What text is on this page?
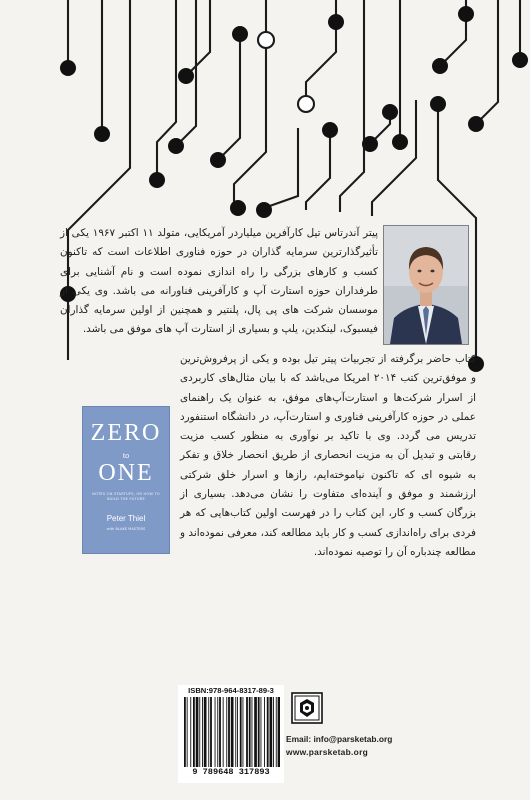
پیتر آندرتاس تیل کارآفرین میلیاردر آمریکایی، متولد ۱۱ اکتبر ۱۹۶۷ یکی از تأثیرگذارترین سرمایه گذاران در حوزه فناوری اطلاعات است که تاکنون کسب و کارهای بزرگی را راه اندازی نموده است و نام آشنایی برای طرفداران حوزه استارت آپ و کارآفرینی فناورانه می باشد. وی یکی از موسسان شرکت های پی پال، پلنتیر و همچنین از اولین سرمایه گذاران فیسبوک، لینکدین، یلپ و بسیاری از استارت آپ های موفق می باشد.
کتاب حاضر برگرفته از تجربیات پیتر تیل بوده و یکی از پرفروش‌ترین و موفق‌ترین کتب ۲۰۱۴ امریکا می‌باشد که با بیان مثال‌های کاربردی از اسرار شرکت‌ها و استارت‌آپ‌های موفق، به عنوان یک راهنمای عملی در حوزه کارآفرینی فناوری و استارت‌آپ، در دانشگاه استنفورد تدریس می گردد. وی با تاکید بر نوآوری به منظور کسب مزیت رقابتی و تبدیل آن به مزیت انحصاری از طریق انحصار خلاق و تفکر به شیوه ای که تاکنون نیاموخته‌ایم، رازها و اسرار خلق شرکتی ارزشمند و موفق و آینده‌ای متفاوت را نشان می‌دهد. بسیاری از بزرگان کسب و کار، این کتاب را در فهرست اولین کتاب‌هایی که هر فردی برای راه‌اندازی کسب و کار باید مطالعه کند، معرفی نموده‌اند و مطالعه چندباره آن را توصیه نموده‌اند.
ZERO
to
ONE
NOTES ON STARTUPS, OR HOW TO BUILD THE FUTURE
Peter Thiel
with BLAKE MASTERS
ISBN:978-964-8317-89-3
9 789648 317893
Email: info@parsketab.org
www.parsketab.org
